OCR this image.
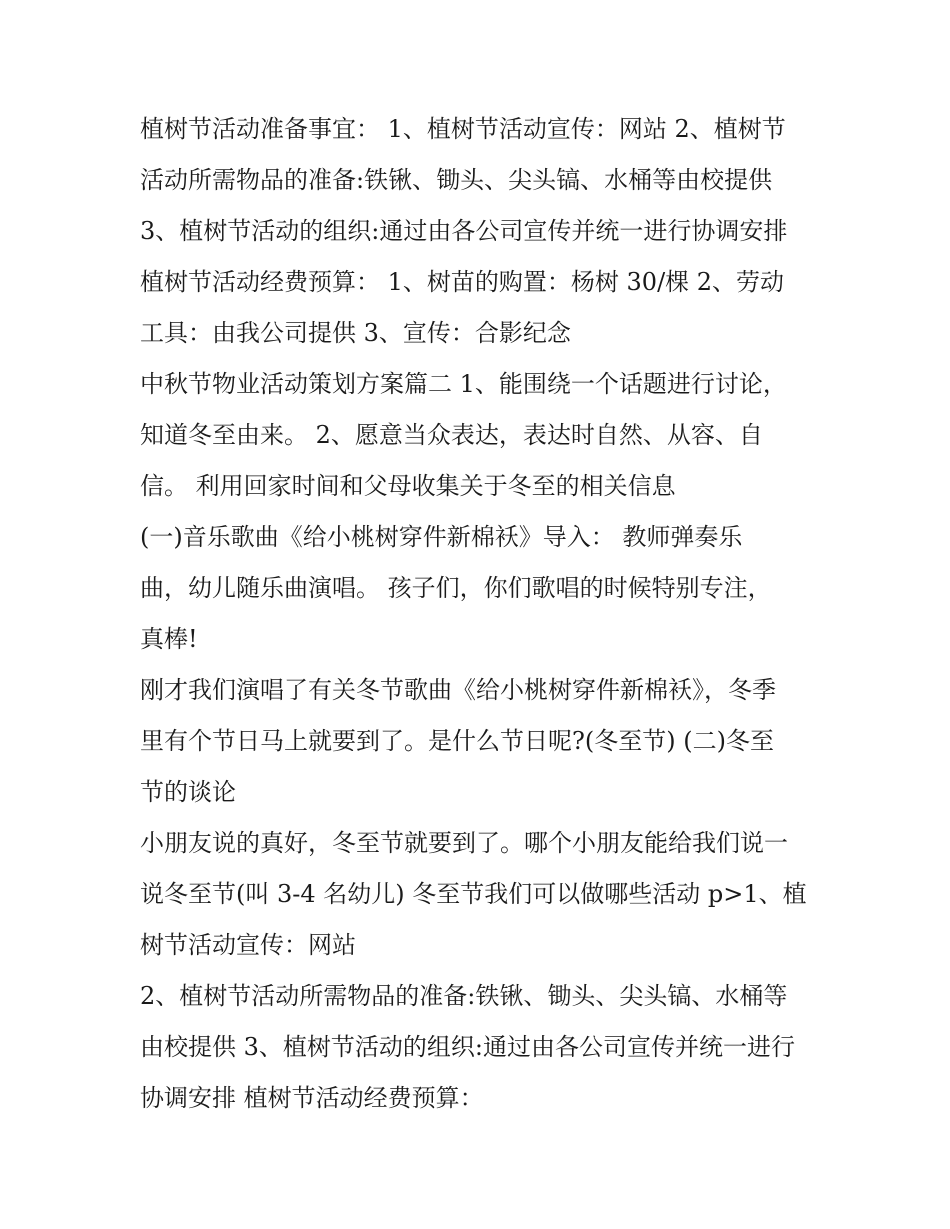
植树节活动准备事宜： 1、植树节活动宣传：网站 2、植树节
活动所需物品的准备:铁锹、锄头、尖头镐、水桶等由校提供
3、植树节活动的组织:通过由各公司宣传并统一进行协调安排
植树节活动经费预算： 1、树苗的购置：杨树 30/棵 2、劳动
工具：由我公司提供 3、宣传：合影纪念
中秋节物业活动策划方案篇二 1、能围绕一个话题进行讨论，
知道冬至由来。 2、愿意当众表达，表达时自然、从容、自
信。 利用回家时间和父母收集关于冬至的相关信息
(一)音乐歌曲《给小桃树穿件新棉袄》导入： 教师弹奏乐
曲，幼儿随乐曲演唱。 孩子们，你们歌唱的时候特别专注，
真棒!
刚才我们演唱了有关冬节歌曲《给小桃树穿件新棉袄》，冬季
里有个节日马上就要到了。是什么节日呢?(冬至节) (二)冬至
节的谈论
小朋友说的真好，冬至节就要到了。哪个小朋友能给我们说一
说冬至节(叫 3-4 名幼儿) 冬至节我们可以做哪些活动 p>1、植
树节活动宣传：网站
2、植树节活动所需物品的准备:铁锹、锄头、尖头镐、水桶等
由校提供 3、植树节活动的组织:通过由各公司宣传并统一进行
协调安排 植树节活动经费预算：
